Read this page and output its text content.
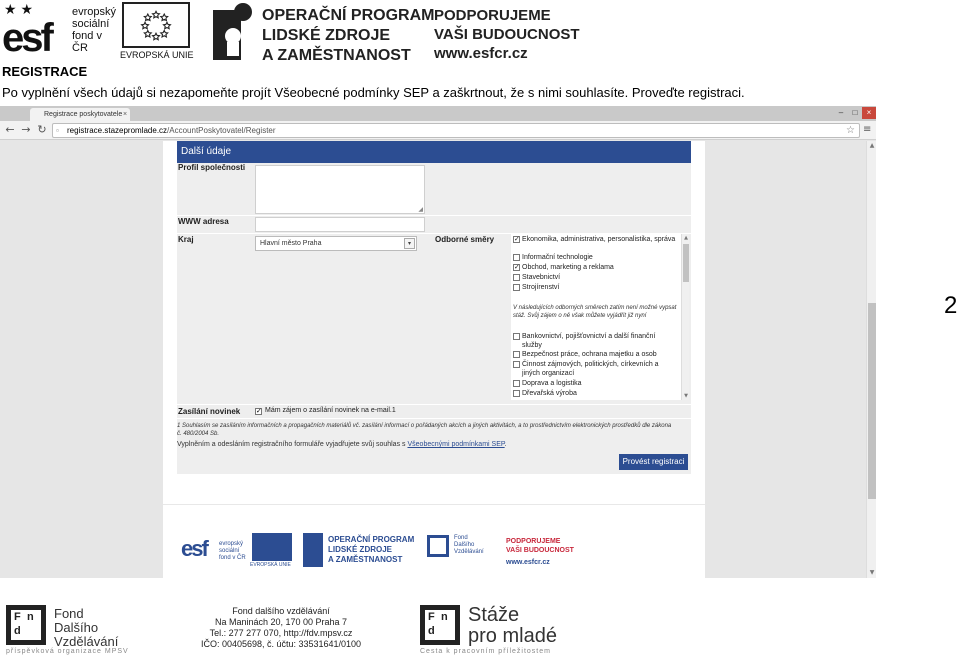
★ ★
esf
evropský
sociální
fond v ČR
EVROPSKÁ UNIE
OPERAČNÍ PROGRAM
LIDSKÉ ZDROJE
A ZAMĚSTNANOST
PODPORUJEME
VAŠI BUDOUCNOST
www.esfcr.cz
REGISTRACE
Po vyplnění všech údajů si nezapomeňte projít Všeobecné podmínky SEP a zaškrtnout, že s nimi souhlasíte. Proveďte registraci.
Registrace poskytovatele ×	–	□	×
← → ↻ ▫ registrace.stazepromlade.cz/AccountPoskytovatel/Register	☆ ≡
Další údaje
Profil společnosti
◢
WWW adresa
Kraj	Hlavní město Praha	▾	Odborné směry	✓ Ekonomika, administrativa, personalistika, správa
Informační technologie
✓ Obchod, marketing a reklama
Stavebnictví
Strojírenství
V následujících odborných směrech zatím není možné vypsat stáž. Svůj zájem o ně však můžete vyjádřit již nyní
Bankovnictví, pojišťovnictví a další finanční služby
Bezpečnost práce, ochrana majetku a osob
Činnost zájmových, politických, církevních a jiných organizací
Doprava a logistika
Dřevařská výroba
▲
▼
Zasílání novinek ✓ Mám zájem o zasílání novinek na e-mail.1
1 Souhlasím se zasíláním informačních a propagačních materiálů vč. zasílání informací o pořádaných akcích a jiných aktivitách, a to prostřednictvím elektronických prostředků dle zákona č. 480/2004 Sb.
Vyplněním a odesláním registračního formuláře vyjadřujete svůj souhlas s Všeobecnými podmínkami SEP.
Provést registraci
esf evropský
sociální
fond v ČR
EVROPSKÁ UNIE
OPERAČNÍ PROGRAM
LIDSKÉ ZDROJE
A ZAMĚSTNANOST
Fond
Dalšího
Vzdělávání
PODPORUJEME
VAŠI BUDOUCNOST
www.esfcr.cz
▲
▼
2
F n
d
Fond
Dalšího
Vzdělávání
příspěvková organizace MPSV
Fond dalšího vzdělávání
Na Maninách 20, 170 00 Praha 7
Tel.: 277 277 070, http://fdv.mpsv.cz
IČO: 00405698, č. účtu: 33531641/0100
F n
d
Stáže
pro mladé
Cesta k pracovním příležitostem
